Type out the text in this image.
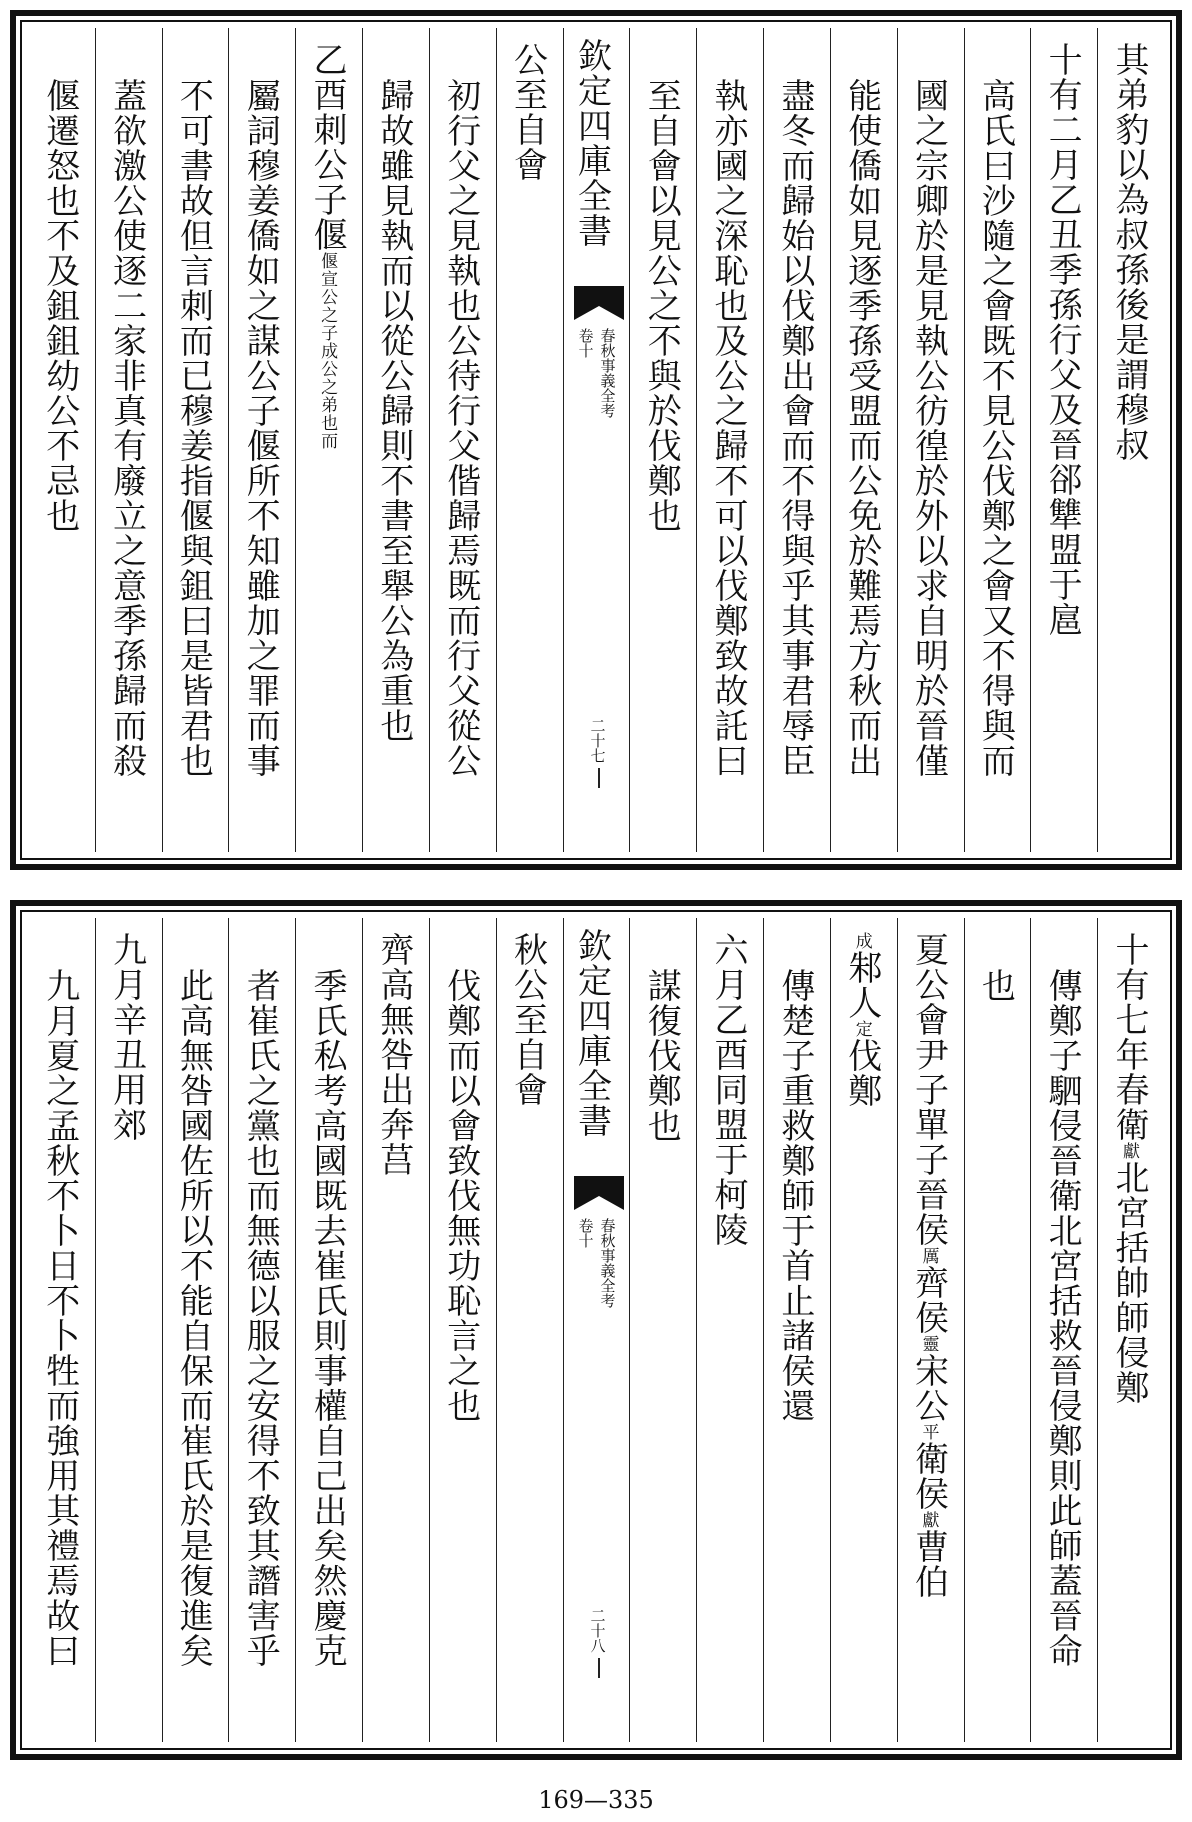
其弟豹以為叔孫後是謂穆叔
十有二月乙丑季孫行父及晉郤犨盟于扈
高氏曰沙隨之會既不見公伐鄭之會又不得與而
國之宗卿於是見執公彷徨於外以求自明於晉僅
能使僑如見逐季孫受盟而公免於難焉方秋而出
盡冬而歸始以伐鄭出會而不得與乎其事君辱臣
執亦國之深恥也及公之歸不可以伐鄭致故託曰
至自會以見公之不與於伐鄭也
欽定四庫全書
春秋事義全考
卷十
二十七
公至自會
初行父之見執也公待行父偕歸焉既而行父從公
歸故雖見執而以從公歸則不書至舉公為重也
乙酉刺公子偃偃宣公之子成公之弟也而
屬詞穆姜僑如之謀公子偃所不知雖加之罪而事
不可書故但言刺而已穆姜指偃與鉏曰是皆君也
蓋欲激公使逐二家非真有廢立之意季孫歸而殺
偃遷怒也不及鉏鉏幼公不忌也
十有七年春衛獻北宮括帥師侵鄭
傳鄭子駟侵晉衛北宮括救晉侵鄭則此師蓋晉命
也
夏公會尹子單子晉侯厲齊侯靈宋公平衛侯獻曹伯
成邾人定伐鄭
傳楚子重救鄭師于首止諸侯還
六月乙酉同盟于柯陵
謀復伐鄭也
欽定四庫全書
春秋事義全考
卷十
二十八
秋公至自會
伐鄭而以會致伐無功恥言之也
齊高無咎出奔莒
季氏私考高國既去崔氏則事權自己出矣然慶克
者崔氏之黨也而無德以服之安得不致其譖害乎
此高無咎國佐所以不能自保而崔氏於是復進矣
九月辛丑用郊
九月夏之孟秋不卜日不卜牲而強用其禮焉故曰
169—335
